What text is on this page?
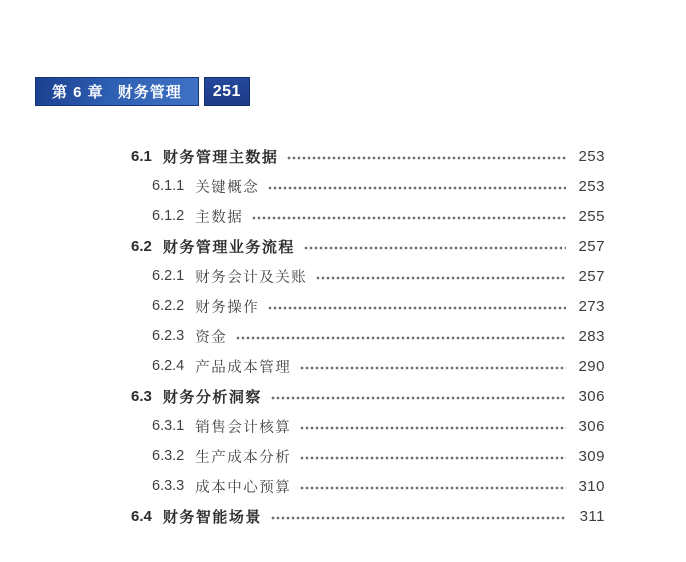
第 6 章 财务管理 251
6.1 财务管理主数据	253
6.1.1 关键概念	253
6.1.2 主数据	255
6.2 财务管理业务流程	257
6.2.1 财务会计及关账	257
6.2.2 财务操作	273
6.2.3 资金	283
6.2.4 产品成本管理	290
6.3 财务分析洞察	306
6.3.1 销售会计核算	306
6.3.2 生产成本分析	309
6.3.3 成本中心预算	310
6.4 财务智能场景	311
